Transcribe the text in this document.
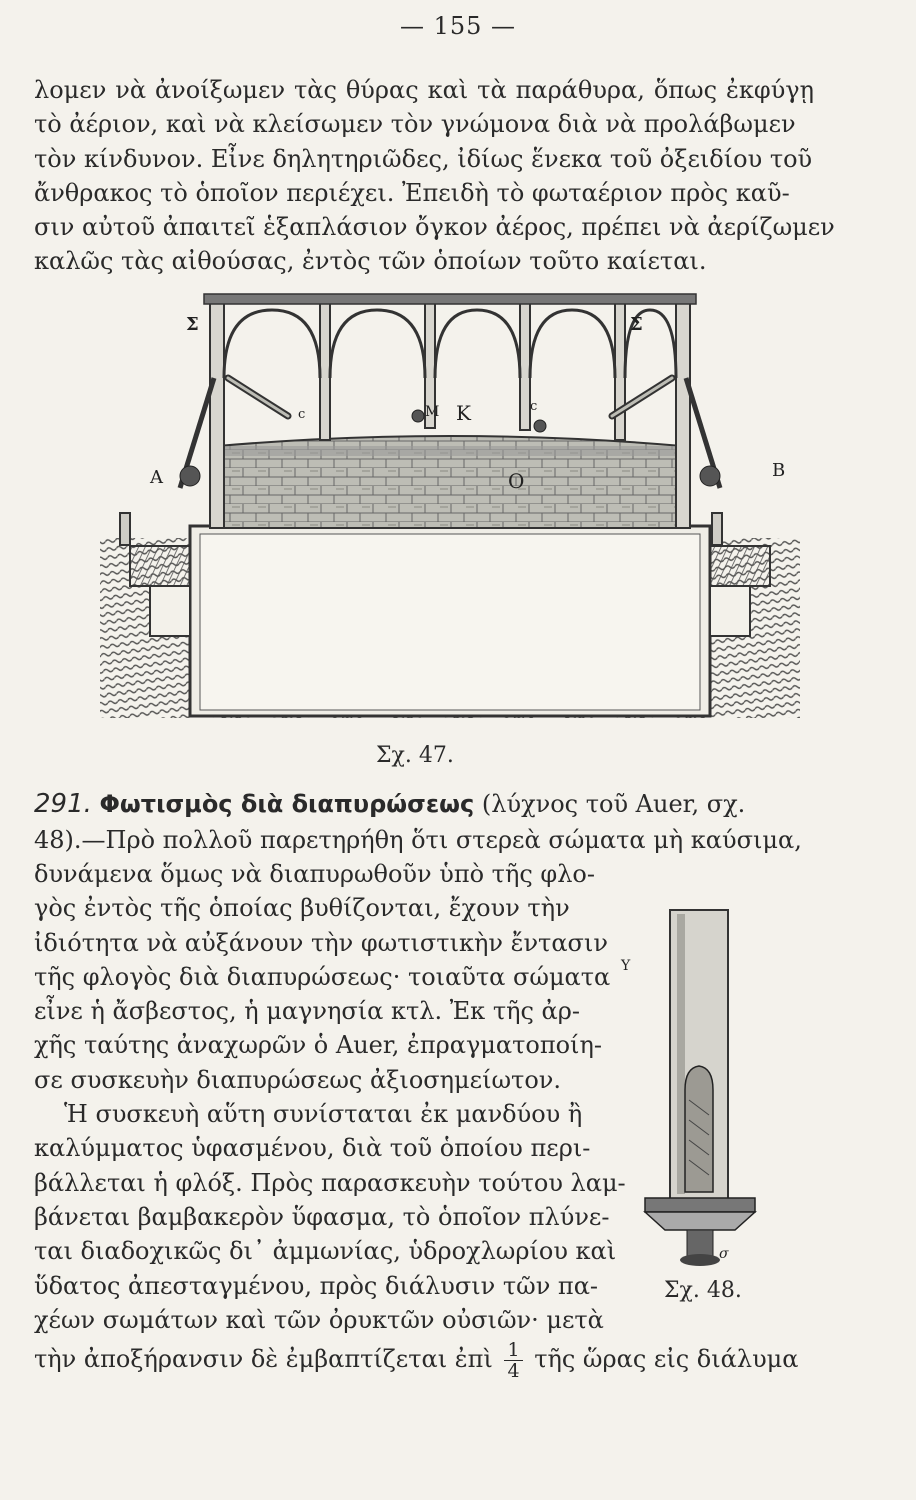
— 155 —
λομεν νὰ ἀνοίξωμεν τὰς θύρας καὶ τὰ παράθυρα, ὅπως ἐκφύγῃ
τὸ ἀέριον, καὶ νὰ κλείσωμεν τὸν γνώμονα διὰ νὰ προλάβωμεν
τὸν κίνδυνον. Εἶνε δηλητηριῶδες, ἰδίως ἕνεκα τοῦ ὀξειδίου τοῦ
ἄνθρακος τὸ ὁποῖον περιέχει. Ἐπειδὴ τὸ φωταέριον πρὸς καῦ-
σιν αὐτοῦ ἀπαιτεῖ ἑξαπλάσιον ὄγκον ἀέρος, πρέπει νὰ ἀερίζωμεν
καλῶς τὰς αἰθούσας, ἐντὸς τῶν ὁποίων τοῦτο καίεται.
Σ	Σ
Α	Β
Κ
Μ
Ο
c
c
Σχ. 47.
291. Φωτισμὸς διὰ διαπυρώσεως (λύχνος τοῦ Auer, σχ.
48).—Πρὸ πολλοῦ παρετηρήθη ὅτι στερεὰ σώματα μὴ καύσιμα,
δυνάμενα ὅμως νὰ διαπυρωθοῦν ὑπὸ τῆς φλο-
γὸς ἐντὸς τῆς ὁποίας βυθίζονται, ἔχουν τὴν
ἰδιότητα νὰ αὐξάνουν τὴν φωτιστικὴν ἔντασιν
τῆς φλογὸς διὰ διαπυρώσεως· τοιαῦτα σώματα
εἶνε ἡ ἄσβεστος, ἡ μαγνησία κτλ. Ἐκ τῆς ἀρ-
χῆς ταύτης ἀναχωρῶν ὁ Auer, ἐπραγματοποίη-
σε συσκευὴν διαπυρώσεως ἀξιοσημείωτον.
Ἡ συσκευὴ αὕτη συνίσταται ἐκ μανδύου ἢ
καλύμματος ὑφασμένου, διὰ τοῦ ὁποίου περι-
βάλλεται ἡ φλόξ. Πρὸς παρασκευὴν τούτου λαμ-
βάνεται βαμβακερὸν ὕφασμα, τὸ ὁποῖον πλύνε-
ται διαδοχικῶς δι᾽ ἀμμωνίας, ὑδροχλωρίου καὶ
ὕδατος ἀπεσταγμένου, πρὸς διάλυσιν τῶν πα-
χέων σωμάτων καὶ τῶν ὀρυκτῶν οὐσιῶν· μετὰ
Y
σ
Σχ. 48.
τὴν ἀποξήρανσιν δὲ ἐμβαπτίζεται ἐπὶ $\frac{1}{4}$ τῆς ὥρας εἰς διάλυμα
